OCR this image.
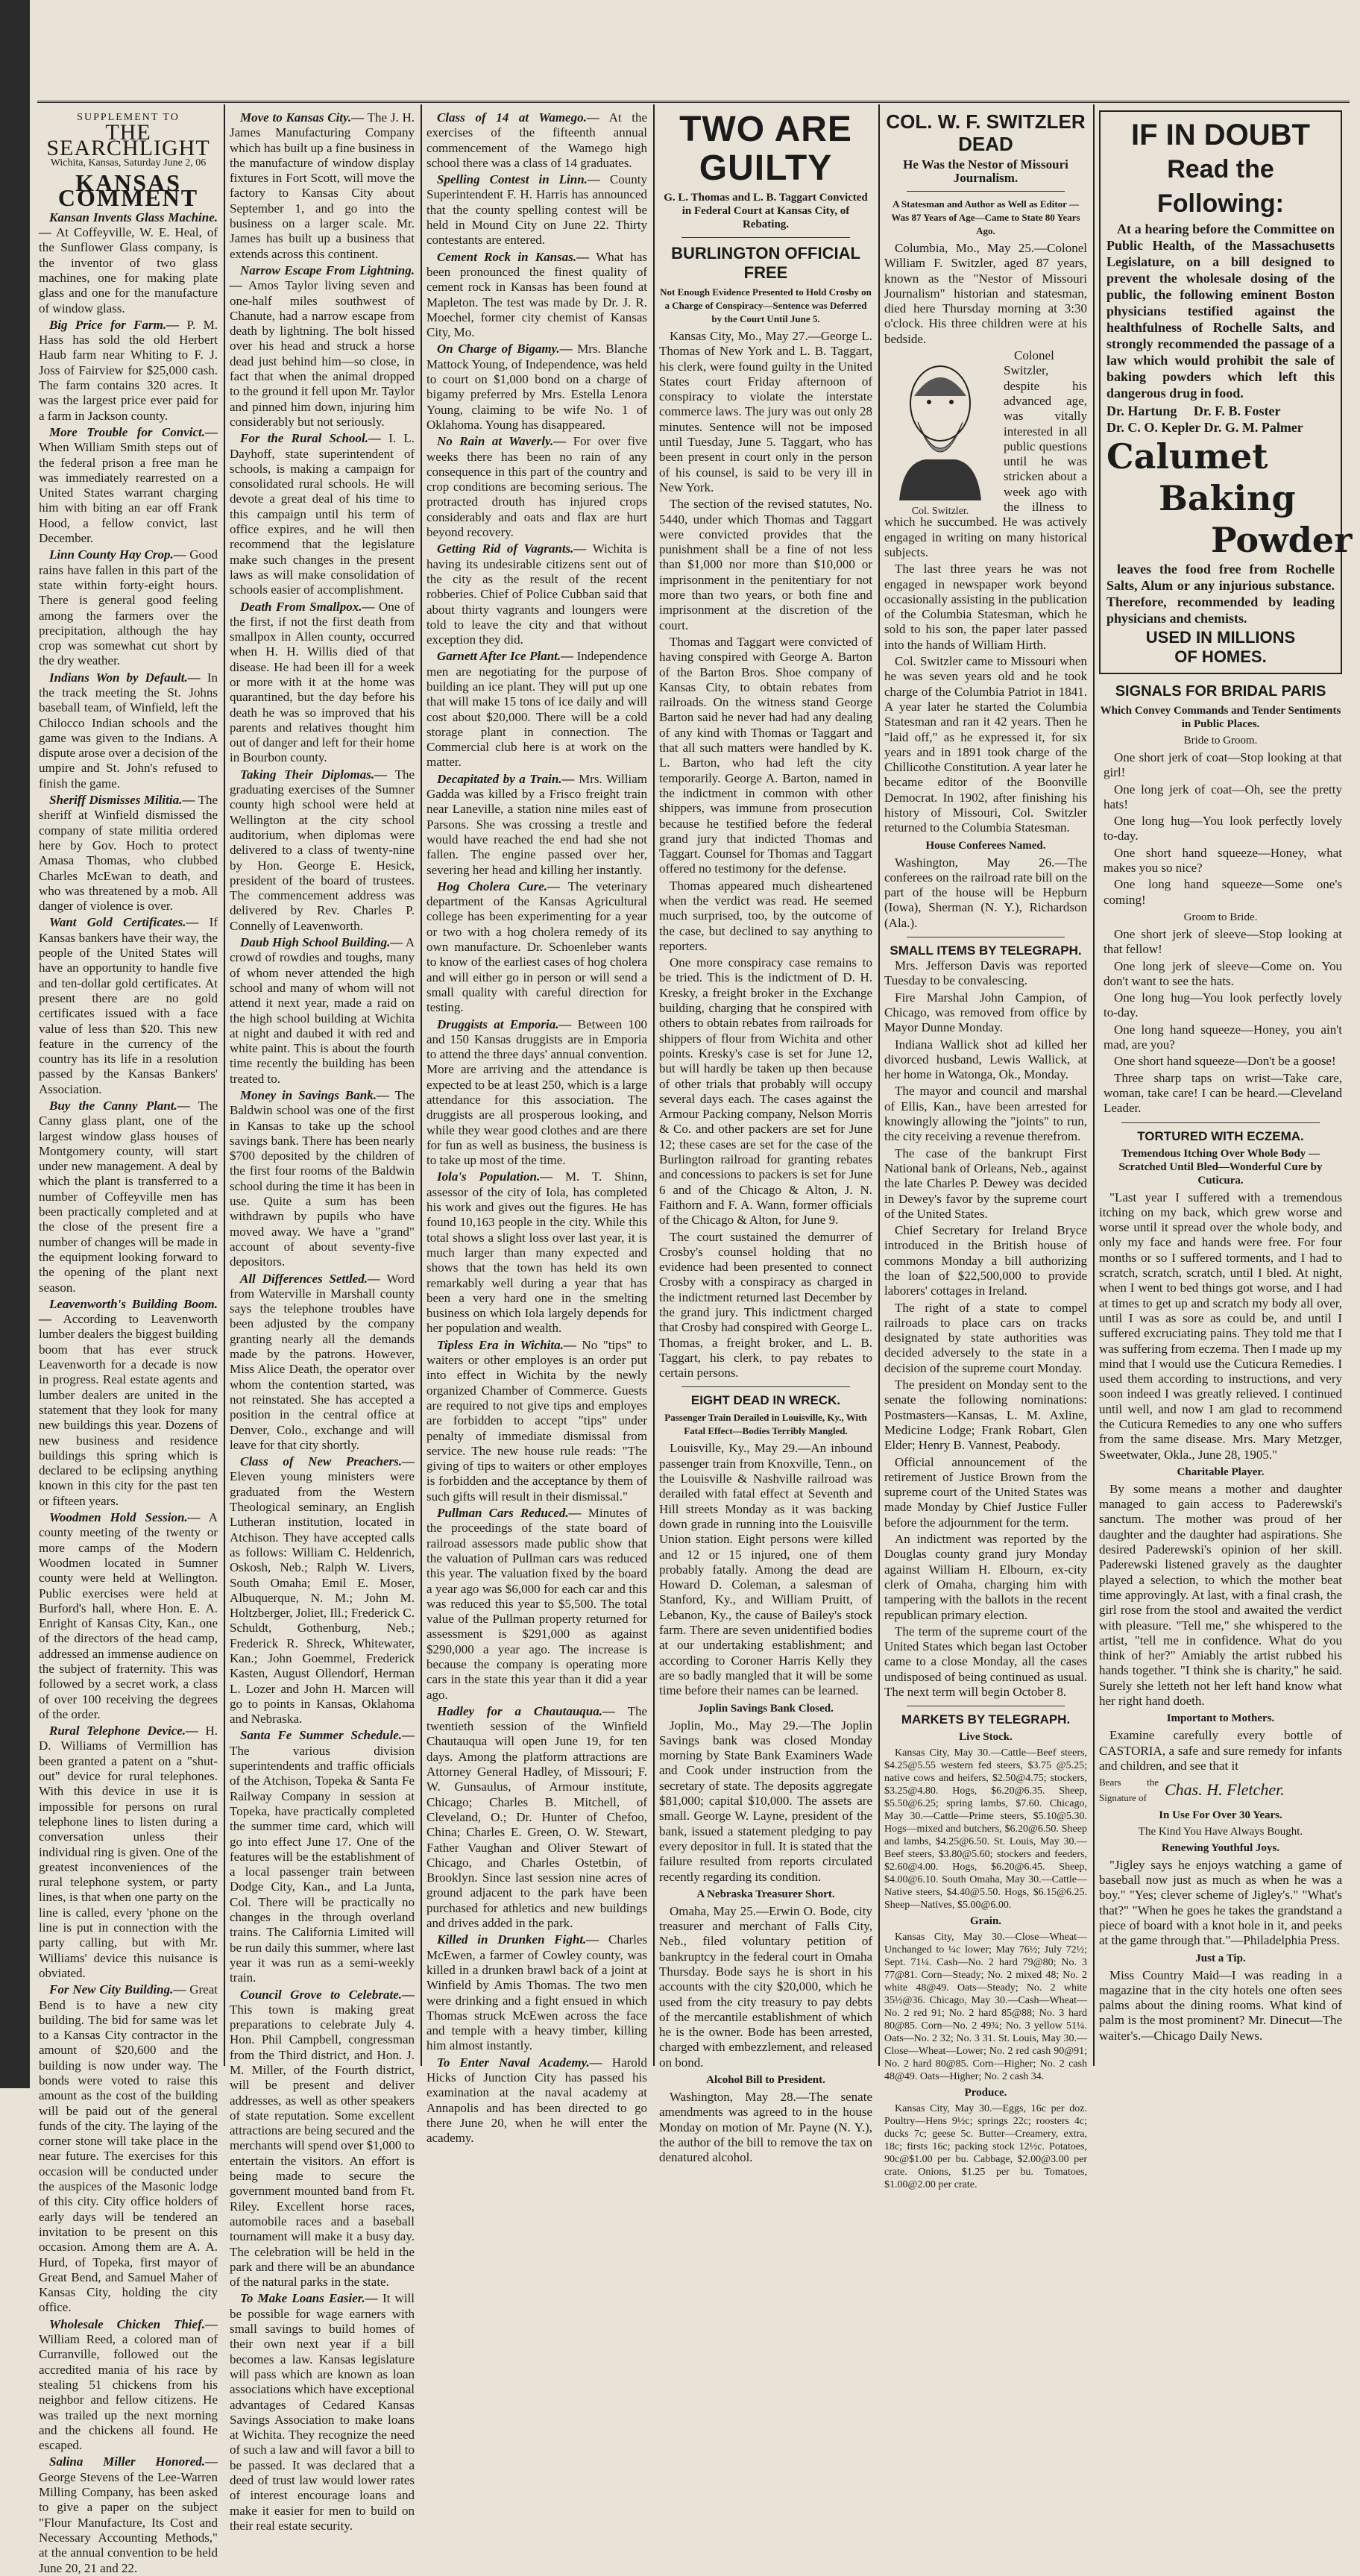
SUPPLEMENT TO
THE SEARCHLIGHT
Wichita, Kansas, Saturday June 2, 06
KANSAS COMMENT

Kansan Invents Glass Machine.— At Coffeyville, W. E. Heal, of the Sunflower Glass company, is the inventor of two glass machines, one for making plate glass and one for the manufacture of window glass.

Big Price for Farm.— P. M. Hass has sold the old Herbert Haub farm near Whiting to F. J. Joss of Fairview for $25,000 cash. The farm contains 320 acres. It was the largest price ever paid for a farm in Jackson county.

More Trouble for Convict.— When William Smith steps out of the federal prison a free man he was immediately rearrested on a United States warrant charging him with biting an ear off Frank Hood, a fellow convict, last December.

Linn County Hay Crop.— Good rains have fallen in this part of the state within forty-eight hours. There is general good feeling among the farmers over the precipitation, although the hay crop was somewhat cut short by the dry weather.

Indians Won by Default.— In the track meeting the St. Johns baseball team, of Winfield, left the Chilocco Indian schools and the game was given to the Indians. A dispute arose over a decision of the umpire and St. John's refused to finish the game.

Sheriff Dismisses Militia.— The sheriff at Winfield dismissed the company of state militia ordered here by Gov. Hoch to protect Amasa Thomas, who clubbed Charles McEwan to death, and who was threatened by a mob. All danger of violence is over.

Want Gold Certificates.— If Kansas bankers have their way, the people of the United States will have an opportunity to handle five and ten-dollar gold certificates. At present there are no gold certificates issued with a face value of less than $20. This new feature in the currency of the country has its life in a resolution passed by the Kansas Bankers' Association.

Buy the Canny Plant.— The Canny glass plant, one of the largest window glass houses of Montgomery county, will start under new management. A deal by which the plant is transferred to a number of Coffeyville men has been practically completed and at the close of the present fire a number of changes will be made in the equipment looking forward to the opening of the plant next season.

Leavenworth's Building Boom.— According to Leavenworth lumber dealers the biggest building boom that has ever struck Leavenworth for a decade is now in progress. Real estate agents and lumber dealers are united in the statement that they look for many new buildings this year. Dozens of new business and residence buildings this spring which is declared to be eclipsing anything known in this city for the past ten or fifteen years.

Woodmen Hold Session.— A county meeting of the twenty or more camps of the Modern Woodmen located in Sumner county were held at Wellington. Public exercises were held at Burford's hall, where Hon. E. A. Enright of Kansas City, Kan., one of the directors of the head camp, addressed an immense audience on the subject of fraternity. This was followed by a secret work, a class of over 100 receiving the degrees of the order.

Rural Telephone Device.— H. D. Williams of Vermillion has been granted a patent on a "shut-out" device for rural telephones. With this device in use it is impossible for persons on rural telephone lines to listen during a conversation unless their individual ring is given. One of the greatest inconveniences of the rural telephone system, or party lines, is that when one party on the line is called, every 'phone on the line is put in connection with the party calling, but with Mr. Williams' device this nuisance is obviated.

For New City Building.— Great Bend is to have a new city building. The bid for same was let to a Kansas City contractor in the amount of $20,600 and the building is now under way. The bonds were voted to raise this amount as the cost of the building will be paid out of the general funds of the city. The laying of the corner stone will take place in the near future. The exercises for this occasion will be conducted under the auspices of the Masonic lodge of this city. City office holders of early days will be tendered an invitation to be present on this occasion. Among them are A. A. Hurd, of Topeka, first mayor of Great Bend, and Samuel Maher of Kansas City, holding the city office.

Wholesale Chicken Thief.— William Reed, a colored man of Curranville, followed out the accredited mania of his race by stealing 51 chickens from his neighbor and fellow citizens. He was trailed up the next morning and the chickens all found. He escaped.

Salina Miller Honored.— George Stevens of the Lee-Warren Milling Company, has been asked to give a paper on the subject "Flour Manufacture, Its Cost and Necessary Accounting Methods," at the annual convention to be held June 20, 21 and 22.

Move to Kansas City.— The J. H. James Manufacturing Company which has built up a fine business in the manufacture of window display fixtures in Fort Scott, will move the factory to Kansas City about September 1, and go into the business on a larger scale. Mr. James has built up a business that extends across this continent.

Narrow Escape From Lightning.— Amos Taylor living seven and one-half miles southwest of Chanute, had a narrow escape from death by lightning. The bolt hissed over his head and struck a horse dead just behind him—so close, in fact that when the animal dropped to the ground it fell upon Mr. Taylor and pinned him down, injuring him considerably but not seriously.

For the Rural School.— I. L. Dayhoff, state superintendent of schools, is making a campaign for consolidated rural schools. He will devote a great deal of his time to this campaign until his term of office expires, and he will then recommend that the legislature make such changes in the present laws as will make consolidation of schools easier of accomplishment.

Death From Smallpox.— One of the first, if not the first death from smallpox in Allen county, occurred when H. H. Willis died of that disease. He had been ill for a week or more with it at the home was quarantined, but the day before his death he was so improved that his parents and relatives thought him out of danger and left for their home in Bourbon county.

Taking Their Diplomas.— The graduating exercises of the Sumner county high school were held at Wellington at the city school auditorium, when diplomas were delivered to a class of twenty-nine by Hon. George E. Hesick, president of the board of trustees. The commencement address was delivered by Rev. Charles P. Connelly of Leavenworth.

Daub High School Building.— A crowd of rowdies and toughs, many of whom never attended the high school and many of whom will not attend it next year, made a raid on the high school building at Wichita at night and daubed it with red and white paint. This is about the fourth time recently the building has been treated to.

Money in Savings Bank.— The Baldwin school was one of the first in Kansas to take up the school savings bank. There has been nearly $700 deposited by the children of the first four rooms of the Baldwin school during the time it has been in use. Quite a sum has been withdrawn by pupils who have moved away. We have a "grand" account of about seventy-five depositors.

All Differences Settled.— Word from Waterville in Marshall county says the telephone troubles have been adjusted by the company granting nearly all the demands made by the patrons. However, Miss Alice Death, the operator over whom the contention started, was not reinstated. She has accepted a position in the central office at Denver, Colo., exchange and will leave for that city shortly.

Class of New Preachers.— Eleven young ministers were graduated from the Western Theological seminary, an English Lutheran institution, located in Atchison. They have accepted calls as follows: William C. Heldenrich, Oskosh, Neb.; Ralph W. Livers, South Omaha; Emil E. Moser, Albuquerque, N. M.; John M. Holtzberger, Joliet, Ill.; Frederick C. Schuldt, Gothenburg, Neb.; Frederick R. Shreck, Whitewater, Kan.; John Goemmel, Frederick Kasten, August Ollendorf, Herman L. Lozer and John H. Marcen will go to points in Kansas, Oklahoma and Nebraska.

Santa Fe Summer Schedule.— The various division superintendents and traffic officials of the Atchison, Topeka & Santa Fe Railway Company in session at Topeka, have practically completed the summer time card, which will go into effect June 17. One of the features will be the establishment of a local passenger train between Dodge City, Kan., and La Junta, Col. There will be practically no changes in the through overland trains. The California Limited will be run daily this summer, where last year it was run as a semi-weekly train.

Council Grove to Celebrate.— This town is making great preparations to celebrate July 4. Hon. Phil Campbell, congressman from the Third district, and Hon. J. M. Miller, of the Fourth district, will be present and deliver addresses, as well as other speakers of state reputation. Some excellent attractions are being secured and the merchants will spend over $1,000 to entertain the visitors. An effort is being made to secure the government mounted band from Ft. Riley. Excellent horse races, automobile races and a baseball tournament will make it a busy day. The celebration will be held in the park and there will be an abundance of the natural parks in the state.

To Make Loans Easier.— It will be possible for wage earners with small savings to build homes of their own next year if a bill becomes a law. Kansas legislature will pass which are known as loan associations which have exceptional advantages of Cedared Kansas Savings Association to make loans at Wichita. They recognize the need of such a law and will favor a bill to be passed. It was declared that a deed of trust law would lower rates of interest encourage loans and make it easier for men to build on their real estate security.

Class of 14 at Wamego.— At the exercises of the fifteenth annual commencement of the Wamego high school there was a class of 14 graduates.

Spelling Contest in Linn.— County Superintendent F. H. Harris has announced that the county spelling contest will be held in Mound City on June 22. Thirty contestants are entered.

Cement Rock in Kansas.— What has been pronounced the finest quality of cement rock in Kansas has been found at Mapleton. The test was made by Dr. J. R. Moechel, former city chemist of Kansas City, Mo.

On Charge of Bigamy.— Mrs. Blanche Mattock Young, of Independence, was held to court on $1,000 bond on a charge of bigamy preferred by Mrs. Estella Lenora Young, claiming to be wife No. 1 of Oklahoma. Young has disappeared.

No Rain at Waverly.— For over five weeks there has been no rain of any consequence in this part of the country and crop conditions are becoming serious. The protracted drouth has injured crops considerably and oats and flax are hurt beyond recovery.

Getting Rid of Vagrants.— Wichita is having its undesirable citizens sent out of the city as the result of the recent robberies. Chief of Police Cubban said that about thirty vagrants and loungers were told to leave the city and that without exception they did.

Garnett After Ice Plant.— Independence men are negotiating for the purpose of building an ice plant. They will put up one that will make 15 tons of ice daily and will cost about $20,000. There will be a cold storage plant in connection. The Commercial club here is at work on the matter.

Decapitated by a Train.— Mrs. William Gadda was killed by a Frisco freight train near Laneville, a station nine miles east of Parsons. She was crossing a trestle and would have reached the end had she not fallen. The engine passed over her, severing her head and killing her instantly.

Hog Cholera Cure.— The veterinary department of the Kansas Agricultural college has been experimenting for a year or two with a hog cholera remedy of its own manufacture. Dr. Schoenleber wants to know of the earliest cases of hog cholera and will either go in person or will send a small quality with careful direction for testing.

Druggists at Emporia.— Between 100 and 150 Kansas druggists are in Emporia to attend the three days' annual convention. More are arriving and the attendance is expected to be at least 250, which is a large attendance for this association. The druggists are all prosperous looking, and while they wear good clothes and are there for fun as well as business, the business is to take up most of the time.

Iola's Population.— M. T. Shinn, assessor of the city of Iola, has completed his work and gives out the figures. He has found 10,163 people in the city. While this total shows a slight loss over last year, it is much larger than many expected and shows that the town has held its own remarkably well during a year that has been a very hard one in the smelting business on which Iola largely depends for her population and wealth.

Tipless Era in Wichita.— No "tips" to waiters or other employes is an order put into effect in Wichita by the newly organized Chamber of Commerce. Guests are required to not give tips and employes are forbidden to accept "tips" under penalty of immediate dismissal from service. The new house rule reads: "The giving of tips to waiters or other employes is forbidden and the acceptance by them of such gifts will result in their dismissal."

Pullman Cars Reduced.— Minutes of the proceedings of the state board of railroad assessors made public show that the valuation of Pullman cars was reduced this year. The valuation fixed by the board a year ago was $6,000 for each car and this was reduced this year to $5,500. The total value of the Pullman property returned for assessment is $291,000 as against $290,000 a year ago. The increase is because the company is operating more cars in the state this year than it did a year ago.

Hadley for a Chautauqua.— The twentieth session of the Winfield Chautauqua will open June 19, for ten days. Among the platform attractions are Attorney General Hadley, of Missouri; F. W. Gunsaulus, of Armour institute, Chicago; Charles B. Mitchell, of Cleveland, O.; Dr. Hunter of Chefoo, China; Charles E. Green, O. W. Stewart, Father Vaughan and Oliver Stewart of Chicago, and Charles Ostetbin, of Brooklyn. Since last session nine acres of ground adjacent to the park have been purchased for athletics and new buildings and drives added in the park.

Killed in Drunken Fight.— Charles McEwen, a farmer of Cowley county, was killed in a drunken brawl back of a joint at Winfield by Amis Thomas. The two men were drinking and a fight ensued in which Thomas struck McEwen across the face and temple with a heavy timber, killing him almost instantly.

To Enter Naval Academy.— Harold Hicks of Junction City has passed his examination at the naval academy at Annapolis and has been directed to go there June 20, when he will enter the academy.

TWO ARE GUILTY
G. L. Thomas and L. B. Taggart Convicted in Federal Court at Kansas City, of Rebating.
BURLINGTON OFFICIAL FREE
Not Enough Evidence Presented to Hold Crosby on a Charge of Conspiracy—Sentence was Deferred by the Court Until June 5.

Kansas City, Mo., May 27.—George L. Thomas of New York and L. B. Taggart, his clerk, were found guilty in the United States court Friday afternoon of conspiracy to violate the interstate commerce laws. The jury was out only 28 minutes. Sentence will not be imposed until Tuesday, June 5. Taggart, who has been present in court only in the person of his counsel, is said to be very ill in New York.

The section of the revised statutes, No. 5440, under which Thomas and Taggart were convicted provides that the punishment shall be a fine of not less than $1,000 nor more than $10,000 or imprisonment in the penitentiary for not more than two years, or both fine and imprisonment at the discretion of the court.

Thomas and Taggart were convicted of having conspired with George A. Barton of the Barton Bros. Shoe company of Kansas City, to obtain rebates from railroads. On the witness stand George Barton said he never had had any dealing of any kind with Thomas or Taggart and that all such matters were handled by K. L. Barton, who had left the city temporarily. George A. Barton, named in the indictment in common with other shippers, was immune from prosecution because he testified before the federal grand jury that indicted Thomas and Taggart. Counsel for Thomas and Taggart offered no testimony for the defense.

Thomas appeared much disheartened when the verdict was read. He seemed much surprised, too, by the outcome of the case, but declined to say anything to reporters.

One more conspiracy case remains to be tried. This is the indictment of D. H. Kresky, a freight broker in the Exchange building, charging that he conspired with others to obtain rebates from railroads for shippers of flour from Wichita and other points. Kresky's case is set for June 12, but will hardly be taken up then because of other trials that probably will occupy several days each. The cases against the Armour Packing company, Nelson Morris & Co. and other packers are set for June 12; these cases are set for the case of the Burlington railroad for granting rebates and concessions to packers is set for June 6 and of the Chicago & Alton, J. N. Faithorn and F. A. Wann, former officials of the Chicago & Alton, for June 9.

The court sustained the demurrer of Crosby's counsel holding that no evidence had been presented to connect Crosby with a conspiracy as charged in the indictment returned last December by the grand jury. This indictment charged that Crosby had conspired with George L. Thomas, a freight broker, and L. B. Taggart, his clerk, to pay rebates to certain persons.

EIGHT DEAD IN WRECK.
Passenger Train Derailed in Louisville, Ky., With Fatal Effect—Bodies Terribly Mangled.

Louisville, Ky., May 29.—An inbound passenger train from Knoxville, Tenn., on the Louisville & Nashville railroad was derailed with fatal effect at Seventh and Hill streets Monday as it was backing down grade in running into the Louisville Union station. Eight persons were killed and 12 or 15 injured, one of them probably fatally. Among the dead are Howard D. Coleman, a salesman of Stanford, Ky., and William Pruitt, of Lebanon, Ky., the cause of Bailey's stock farm. There are seven unidentified bodies at our undertaking establishment; and according to Coroner Harris Kelly they are so badly mangled that it will be some time before their names can be learned.

Joplin Savings Bank Closed.

Joplin, Mo., May 29.—The Joplin Savings bank was closed Monday morning by State Bank Examiners Wade and Cook under instruction from the secretary of state. The deposits aggregate $81,000; capital $10,000. The assets are small. George W. Layne, president of the bank, issued a statement pledging to pay every depositor in full. It is stated that the failure resulted from reports circulated recently regarding its condition.

A Nebraska Treasurer Short.

Omaha, May 25.—Erwin O. Bode, city treasurer and merchant of Falls City, Neb., filed voluntary petition of bankruptcy in the federal court in Omaha Thursday. Bode says he is short in his accounts with the city $20,000, which he used from the city treasury to pay debts of the mercantile establishment of which he is the owner. Bode has been arrested, charged with embezzlement, and released on bond.

Alcohol Bill to President.

Washington, May 28.—The senate amendments was agreed to in the house Monday on motion of Mr. Payne (N. Y.), the author of the bill to remove the tax on denatured alcohol.

COL. W. F. SWITZLER DEAD
He Was the Nestor of Missouri Journalism.
A Statesman and Author as Well as Editor —Was 87 Years of Age—Came to State 80 Years Ago.

Columbia, Mo., May 25.—Colonel William F. Switzler, aged 87 years, known as the "Nestor of Missouri Journalism" historian and statesman, died here Thursday morning at 3:30 o'clock. His three children were at his bedside.

Col. Switzler.

Colonel Switzler, despite his advanced age, was vitally interested in all public questions until he was stricken about a week ago with the illness to which he succumbed. He was actively engaged in writing on many historical subjects.

The last three years he was not engaged in newspaper work beyond occasionally assisting in the publication of the Columbia Statesman, which he sold to his son, the paper later passed into the hands of William Hirth.

Col. Switzler came to Missouri when he was seven years old and he took charge of the Columbia Patriot in 1841. A year later he started the Columbia Statesman and ran it 42 years. Then he "laid off," as he expressed it, for six years and in 1891 took charge of the Chillicothe Constitution. A year later he became editor of the Boonville Democrat. In 1902, after finishing his history of Missouri, Col. Switzler returned to the Columbia Statesman.

House Conferees Named.

Washington, May 26.—The conferees on the railroad rate bill on the part of the house will be Hepburn (Iowa), Sherman (N. Y.), Richardson (Ala.).

SMALL ITEMS BY TELEGRAPH.

Mrs. Jefferson Davis was reported Tuesday to be convalescing.

Fire Marshal John Campion, of Chicago, was removed from office by Mayor Dunne Monday.

Indiana Wallick shot ad killed her divorced husband, Lewis Wallick, at her home in Watonga, Ok., Monday.

The mayor and council and marshal of Ellis, Kan., have been arrested for knowingly allowing the "joints" to run, the city receiving a revenue therefrom.

The case of the bankrupt First National bank of Orleans, Neb., against the late Charles P. Dewey was decided in Dewey's favor by the supreme court of the United States.

Chief Secretary for Ireland Bryce introduced in the British house of commons Monday a bill authorizing the loan of $22,500,000 to provide laborers' cottages in Ireland.

The right of a state to compel railroads to place cars on tracks designated by state authorities was decided adversely to the state in a decision of the supreme court Monday.

The president on Monday sent to the senate the following nominations: Postmasters—Kansas, L. M. Axline, Medicine Lodge; Frank Robart, Glen Elder; Henry B. Vannest, Peabody.

Official announcement of the retirement of Justice Brown from the supreme court of the United States was made Monday by Chief Justice Fuller before the adjournment for the term.

An indictment was reported by the Douglas county grand jury Monday against William H. Elbourn, ex-city clerk of Omaha, charging him with tampering with the ballots in the recent republican primary election.

The term of the supreme court of the United States which began last October came to a close Monday, all the cases undisposed of being continued as usual. The next term will begin October 8.

MARKETS BY TELEGRAPH.
Live Stock.

Kansas City, May 30.—Cattle—Beef steers, $4.25@5.55 western fed steers, $3.75 @5.25; native cows and heifers, $2.50@4.75; stockers, $3.25@4.80. Hogs, $6.20@6.35. Sheep, $5.50@6.25; spring lambs, $7.60. Chicago, May 30.—Cattle—Prime steers, $5.10@5.30. Hogs—mixed and butchers, $6.20@6.50. Sheep and lambs, $4.25@6.50. St. Louis, May 30.—Beef steers, $3.80@5.60; stockers and feeders, $2.60@4.00. Hogs, $6.20@6.45. Sheep, $4.00@6.10. South Omaha, May 30.—Cattle—Native steers, $4.40@5.50. Hogs, $6.15@6.25. Sheep—Natives, $5.00@6.00.

Grain.

Kansas City, May 30.—Close—Wheat—Unchanged to ¼c lower; May 76½; July 72½; Sept. 71¼. Cash—No. 2 hard 79@80; No. 3 77@81. Corn—Steady; No. 2 mixed 48; No. 2 white 48@49. Oats—Steady; No. 2 white 35½@36. Chicago, May 30.—Cash—Wheat—No. 2 red 91; No. 2 hard 85@88; No. 3 hard 80@85. Corn—No. 2 49¾; No. 3 yellow 51¼. Oats—No. 2 32; No. 3 31. St. Louis, May 30.—Close—Wheat—Lower; No. 2 red cash 90@91; No. 2 hard 80@85. Corn—Higher; No. 2 cash 48@49. Oats—Higher; No. 2 cash 34.

Produce.

Kansas City, May 30.—Eggs, 16c per doz. Poultry—Hens 9½c; springs 22c; roosters 4c; ducks 7c; geese 5c. Butter—Creamery, extra, 18c; firsts 16c; packing stock 12½c. Potatoes, 90c@$1.00 per bu. Cabbage, $2.00@3.00 per crate. Onions, $1.25 per bu. Tomatoes, $1.00@2.00 per crate.

IF IN DOUBT
Read the Following:

At a hearing before the Committee on Public Health, of the Massachusetts Legislature, on a bill designed to prevent the wholesale dosing of the public, the following eminent Boston physicians testified against the healthfulness of Rochelle Salts, and strongly recommended the passage of a law which would prohibit the sale of baking powders which left this dangerous drug in food.

Dr. Hartung     Dr. F. B. Foster
Dr. C. O. Kepler Dr. G. M. Palmer
Calumet
Baking
Powder

leaves the food free from Rochelle Salts, Alum or any injurious substance. Therefore, recommended by leading physicians and chemists.

USED IN MILLIONS
OF HOMES.
SIGNALS FOR BRIDAL PARIS
Which Convey Commands and Tender Sentiments in Public Places.
Bride to Groom.

One short jerk of coat—Stop looking at that girl!

One long jerk of coat—Oh, see the pretty hats!

One long hug—You look perfectly lovely to-day.

One short hand squeeze—Honey, what makes you so nice?

One long hand squeeze—Some one's coming!

Groom to Bride.

One short jerk of sleeve—Stop looking at that fellow!

One long jerk of sleeve—Come on. You don't want to see the hats.

One long hug—You look perfectly lovely to-day.

One long hand squeeze—Honey, you ain't mad, are you?

One short hand squeeze—Don't be a goose!

Three sharp taps on wrist—Take care, woman, take care! I can be heard.—Cleveland Leader.

TORTURED WITH ECZEMA.
Tremendous Itching Over Whole Body —Scratched Until Bled—Wonderful Cure by Cuticura.

"Last year I suffered with a tremendous itching on my back, which grew worse and worse until it spread over the whole body, and only my face and hands were free. For four months or so I suffered torments, and I had to scratch, scratch, scratch, until I bled. At night, when I went to bed things got worse, and I had at times to get up and scratch my body all over, until I was as sore as could be, and until I suffered excruciating pains. They told me that I was suffering from eczema. Then I made up my mind that I would use the Cuticura Remedies. I used them according to instructions, and very soon indeed I was greatly relieved. I continued until well, and now I am glad to recommend the Cuticura Remedies to any one who suffers from the same disease. Mrs. Mary Metzger, Sweetwater, Okla., June 28, 1905."

Charitable Player.

By some means a mother and daughter managed to gain access to Paderewski's sanctum. The mother was proud of her daughter and the daughter had aspirations. She desired Paderewski's opinion of her skill. Paderewski listened gravely as the daughter played a selection, to which the mother beat time approvingly. At last, with a final crash, the girl rose from the stool and awaited the verdict with pleasure. "Tell me," she whispered to the artist, "tell me in confidence. What do you think of her?" Amiably the artist rubbed his hands together. "I think she is charity," he said. Surely she letteth not her left hand know what her right hand doeth.

Important to Mothers.

Examine carefully every bottle of CASTORIA, a safe and sure remedy for infants and children, and see that it

Bears the Signature of	Chas. H. Fletcher.
In Use For Over 30 Years.
The Kind You Have Always Bought.
Renewing Youthful Joys.

"Jigley says he enjoys watching a game of baseball now just as much as when he was a boy." "Yes; clever scheme of Jigley's." "What's that?" "When he goes he takes the grandstand a piece of board with a knot hole in it, and peeks at the game through that."—Philadelphia Press.

Just a Tip.

Miss Country Maid—I was reading in a magazine that in the city hotels one often sees palms about the dining rooms. What kind of palm is the most prominent? Mr. Dinecut—The waiter's.—Chicago Daily News.
